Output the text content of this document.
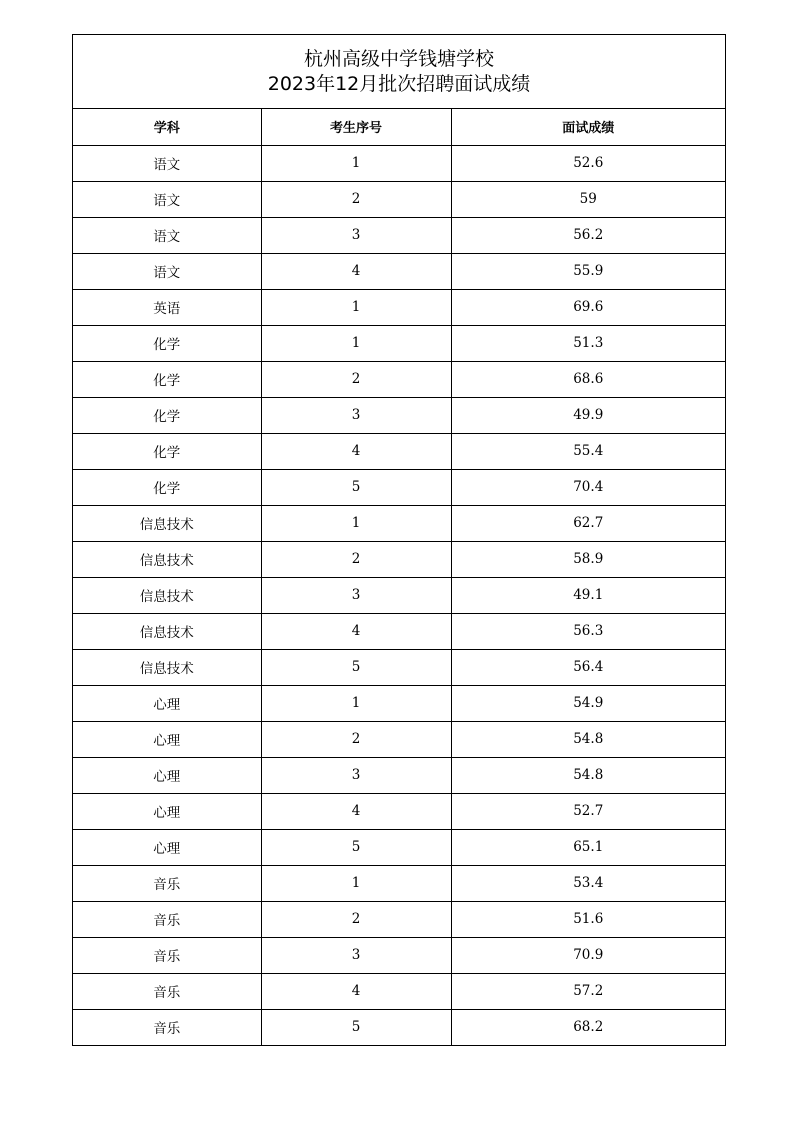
杭州高级中学钱塘学校
2023年12月批次招聘面试成绩
学科	考生序号	面试成绩
语文	1	52.6
语文	2	59
语文	3	56.2
语文	4	55.9
英语	1	69.6
化学	1	51.3
化学	2	68.6
化学	3	49.9
化学	4	55.4
化学	5	70.4
信息技术	1	62.7
信息技术	2	58.9
信息技术	3	49.1
信息技术	4	56.3
信息技术	5	56.4
心理	1	54.9
心理	2	54.8
心理	3	54.8
心理	4	52.7
心理	5	65.1
音乐	1	53.4
音乐	2	51.6
音乐	3	70.9
音乐	4	57.2
音乐	5	68.2
